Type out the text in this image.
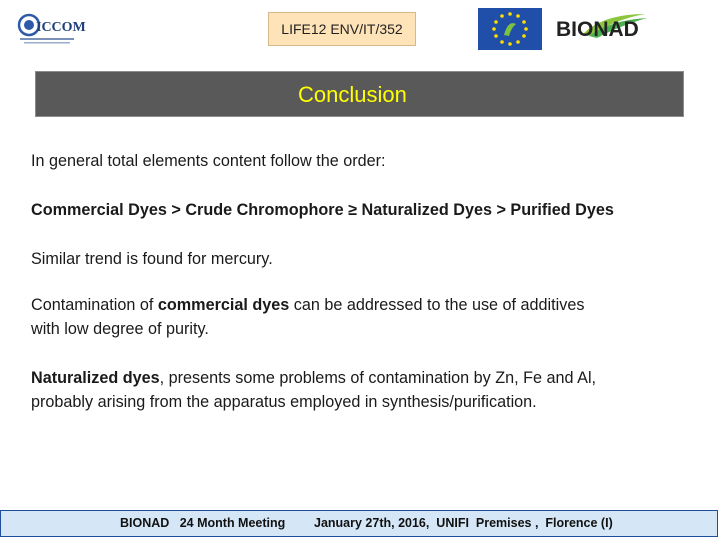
ICCOM	LIFE12 ENV/IT/352	BIONAD
Conclusion
In general total elements content follow the order:
Commercial Dyes > Crude Chromophore ≥ Naturalized Dyes > Purified Dyes
Similar trend is found for mercury.
Contamination of commercial dyes can be addressed to the use of additives
with low degree of purity.
Naturalized dyes, presents some problems of contamination by Zn, Fe and Al,
probably arising from the apparatus employed in synthesis/purification.
BIONAD   24 Month Meeting January 27th, 2016,  UNIFI  Premises ,  Florence (I)
